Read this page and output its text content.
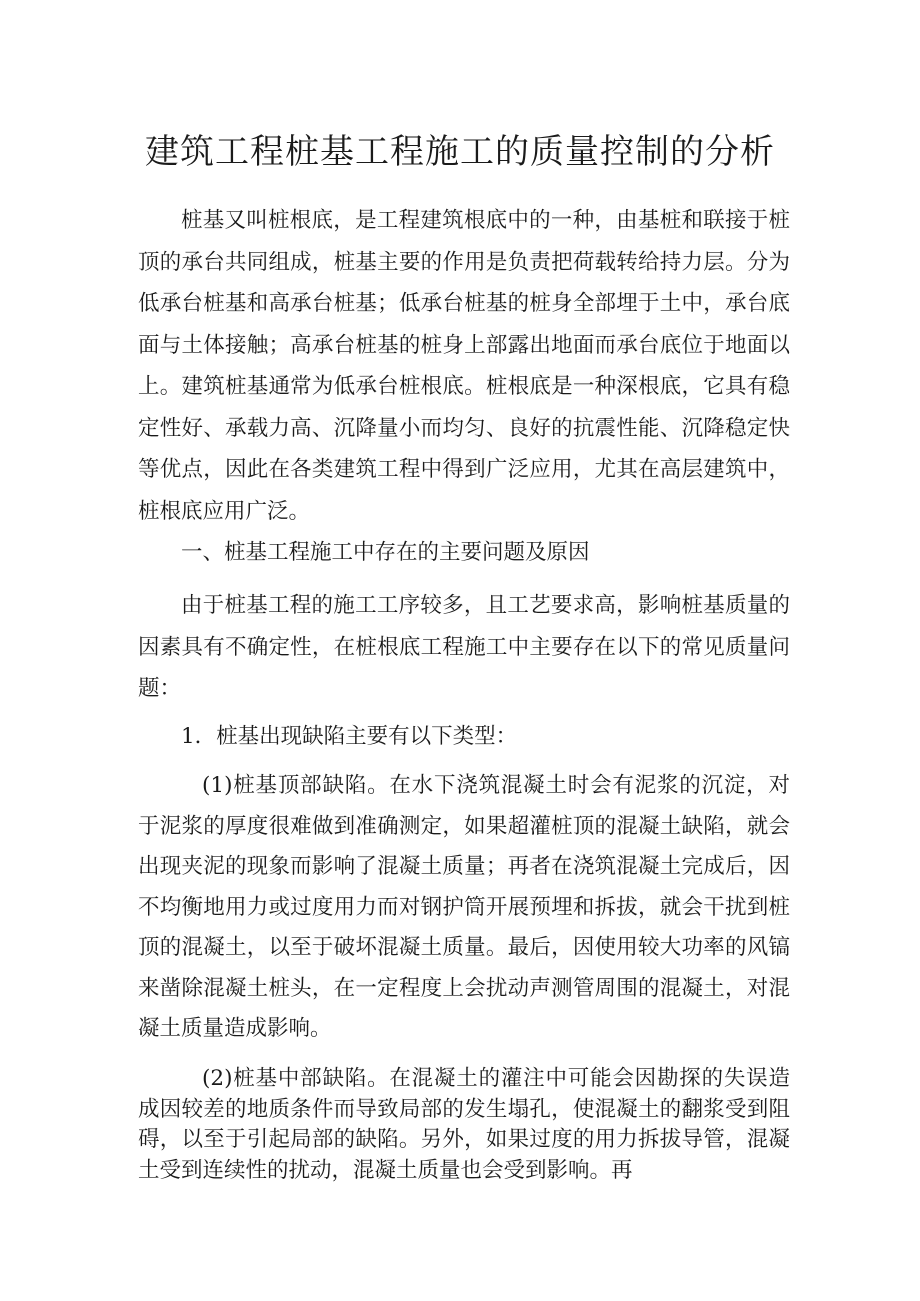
建筑工程桩基工程施工的质量控制的分析

桩基又叫桩根底，是工程建筑根底中的一种，由基桩和联接于桩顶的承台共同组成，桩基主要的作用是负责把荷载转给持力层。分为低承台桩基和高承台桩基；低承台桩基的桩身全部埋于土中，承台底面与土体接触；高承台桩基的桩身上部露出地面而承台底位于地面以上。建筑桩基通常为低承台桩根底。桩根底是一种深根底，它具有稳定性好、承载力高、沉降量小而均匀、良好的抗震性能、沉降稳定快等优点，因此在各类建筑工程中得到广泛应用，尤其在高层建筑中，桩根底应用广泛。

一、桩基工程施工中存在的主要问题及原因

由于桩基工程的施工工序较多，且工艺要求高，影响桩基质量的因素具有不确定性，在桩根底工程施工中主要存在以下的常见质量问题：

1．桩基出现缺陷主要有以下类型：

(1)桩基顶部缺陷。在水下浇筑混凝土时会有泥浆的沉淀，对于泥浆的厚度很难做到准确测定，如果超灌桩顶的混凝土缺陷，就会出现夹泥的现象而影响了混凝土质量；再者在浇筑混凝土完成后，因不均衡地用力或过度用力而对钢护筒开展预埋和拆拔，就会干扰到桩顶的混凝土，以至于破坏混凝土质量。最后，因使用较大功率的风镐来凿除混凝土桩头，在一定程度上会扰动声测管周围的混凝土，对混凝土质量造成影响。

(2)桩基中部缺陷。在混凝土的灌注中可能会因勘探的失误造成因较差的地质条件而导致局部的发生塌孔，使混凝土的翻浆受到阻碍，以至于引起局部的缺陷。另外，如果过度的用力拆拔导管，混凝土受到连续性的扰动，混凝土质量也会受到影响。再
